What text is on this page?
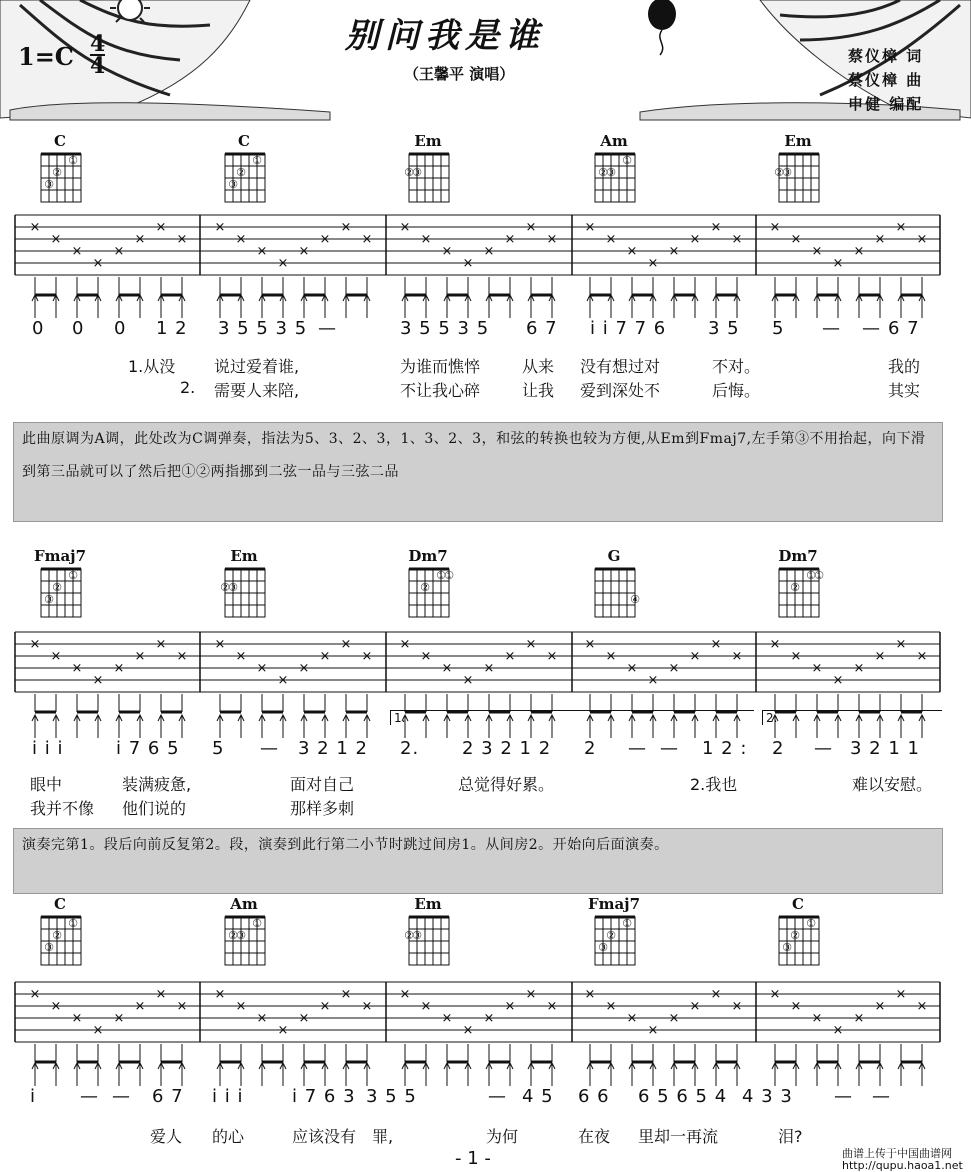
别问我是谁
（王馨平 演唱）
蔡仪樟 词
蔡仪樟 曲
申健 编配
1=C 4
4
此曲原调为A调，此处改为C调弹奏，指法为5、3、2、3，1、3、2、3，和弦的转换也较为方便,从Em到Fmaj7,左手第③不用抬起，向下滑到第三品就可以了然后把①②两指挪到二弦一品与三弦二品
演奏完第1。段后向前反复第2。段，演奏到此行第二小节时跳过间房1。从间房2。开始向后面演奏。
C
①
②
③
C
①
②
③
Em
②
③
Am
①
②
③
Em
②
③
×
×
×
×
×
×
×
×
×
×
×
×
×
×
×
×
×
×
×
×
×
×
×
×
×
×
×
×
×
×
×
×
×
×
×
×
×
×
×
×
0 0 0 1 2 3 5 5 3 5 —	3 5 5 3 5 6 7 i i 7 7 6 3 5 5 — — 6 7
1.从没 说过爱着谁,	为谁而憔悴	从来 没有想过对	不对。	我的
2. 需要人来陪,	不让我心碎	让我 爱到深处不	后悔。	其实
Fmaj7
①
②
③
Em
②
③
Dm7
①
①
②
G
④
Dm7
①
①
②
×
×
×
×
×
×
×
×
×
×
×
×
×
×
×
×
×
×
×
×
×
×
×
×
×
×
×
×
×
×
×
×
×
×
×
×
×
×
×
×
i i i	i 7 6 5 5 — 3 2 1 2 2. 2 3 2 1 2 2 — — 1 2 : 2 — 3 2 1 1
眼中	装满疲惫,	面对自己	总觉得好累。	2.我也	难以安慰。
我并不像 他们说的	那样多刺
1.	2.
C
①
②
③
Am
①
②
③
Em
②
③
Fmaj7
①
②
③
C
①
②
③
×
×
×
×
×
×
×
×
×
×
×
×
×
×
×
×
×
×
×
×
×
×
×
×
×
×
×
×
×
×
×
×
×
×
×
×
×
×
×
×
i — — 6 7 i i i	i 7 6 3 3 5 5	— 4 5 6 6 6 5 6 5 4 4 3 3 — —
爱人 的心	应该没有 罪,	为何	在夜 里却一再流	泪?
- 1 -	曲谱上传于中国曲谱网
http://qupu.haoa1.net
